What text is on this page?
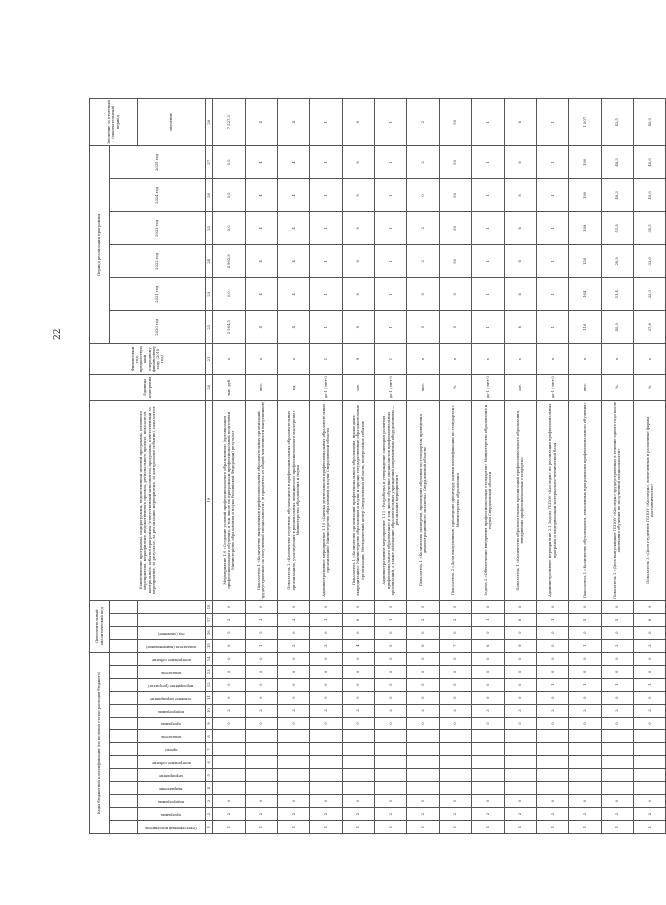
22
Коды бюджетной классификации (по целевой статье расходов бюджета)														Дополнительный аналитический код				Наименование программы, подпрограммы, ведомственной целевой программы, основного мероприятия, мероприятия, ведомственного проекта, регионального проекта, показателя, контрольного события программы (ответственный исполнитель программы, ответственный за мероприятие, за результат, за реализацию мероприятия, за контрольное событие), показателя	Единица измерения	Финансовый год, предшествующий очередному финансовому году (2018 год)	Период реализации программы						Значение за отчетный (окончательный) период
																					2020 год	2021 год	2022 год	2023 год	2024 год	2025 год	
Ответственный исполнитель	программа	подпрограмма	направление	мероприятие	контрольное событие	проект	показатель	программа	подпрограмма	основное мероприятие	мероприятие (результат)	показатель	контрольное событие	показатель (наименование)	год (значение)												значение
1	2	3	4	5	6	7	8	9	10	11	12	13	14	15	16	17	18	19	20	21	22	23	24	25	26	27	28
1	2	0						0	3	0	0	0	0	0	0	2	0	Мероприятие 1.6 «Создание условий профессионального образования» (организация профессионального обучения, в том числе по программам профессиональной подготовки Министерство образования и науки Российской Федерации) результат	тыс. руб.	х	2 564,5	0,0	4 962,8	0,0	0,0	0,0	7 527,3
1	2	0						0	3	0	0	0	0	1	0	3	0	Показатель 1 «Количество выпускников профессиональных образовательных организаций, трудоустроенных по полученной специальности» (в процентах от общей численности выпускников)	чел.	х	4	4	4	4	4	4	4
1	2	0						0	3	0	0	0	0	2	0	3	0	Показатель 2 «Количество студентов, обучающихся в профессиональных образовательных организациях, участвующих в региональных чемпионатах профессионального мастерства» Министерство образования и науки	ед.	х	4	4	4	4	4	4	4
1	2	0						0	3	0	0	0	0	3	0	1	0	Административное мероприятие 1.10 «Оценка деятельности профессиональных образовательных организаций» Министерство образования и науки Свердловской области	да-1 / нет-0	1	1	1	1	1	1	1	1
1	2	0						0	3	0	0	0	0	4	0	8	0	Показатель 1 «Количество организаций профессионального образования, прошедших аккредитацию» Министерство образования и науки и прочие государственные образовательные организации, Методический центр Свердловской области, контрольное событие	шт.	9	8	8	8	8	8	8	8
1	2	0						0	3	0	0	0	0	5	0	1	0	Административное мероприятие 1.11 «Разработка и утверждение сценария развития профессионального образования» в том числе обучение специалистов профессиональных организаций, а также оснащение образовательных учреждений современным оборудованием — реализация мероприятия	да-1 / нет-0	1	1	1	1	1	1	1	1
1	2	0						0	3	0	0	0	0	6	0	2	0	Показатель 1 «Количество экспертов, прошедших обучение по стандартам проведения демонстрационного экзамена» Свердловской области	чел.	х	0	0	2	2	0	2	2
1	2	0						0	3	0	0	0	0	7	0	2	0	Показатель 2 «Доля выпускников, прошедших процедуру оценки квалификации по стандартам» Министерство образования	%	х	0	0	50	50	50	50	50
1	2	0						0	3	0	0	0	0	8	0	1	0	Задача 2 «Обеспечение внедрения профессиональных стандартов» Министерство образования и науки Свердловской области	да-1 / нет-0	х	1	1	1	1	1	1	1
1	2	0						0	3	0	0	0	0	9	0	8	0	Показатель 1 «Количество образовательных организаций профессионального образования, внедривших профессиональные стандарты»	шт.	х	8	8	8	8	8	8	8
1	2	0						0	3	0	1	0	0	0	0	1	0	Административное мероприятие 2.1 Задача ГБПОУ «Колледж» по реализации профессиональных программ и модернизации материально-технической базы	да-1 / нет-0	х	1	1	1	1	1	1	1
1	2	0						0	3	0	1	0	0	1	0	5	0	Показатель 1 «Количество обучающихся, охваченных программами профессионального обучения»	чел.	х	116	164	158	189	190	190	1 007
1	2	0						0	3	0	1	0	0	2	0	5	0	Показатель 2 «Доля выпускников ГБПОУ «Колледж» трудоустроенных в течение одного года после окончания обучения по полученной специальности»	%	х	40,0	51,4	28,9	51,8	48,3	48,3	43,5
1	2	0						0	3	0	1	0	0	3	0	8	0	Показатель 3 «Доля студентов ГБПОУ «Колледж», вовлеченных в различные формы наставничества»	%	х	37,8	33,0	33,6	35,5	40,6	40,6	40,0
